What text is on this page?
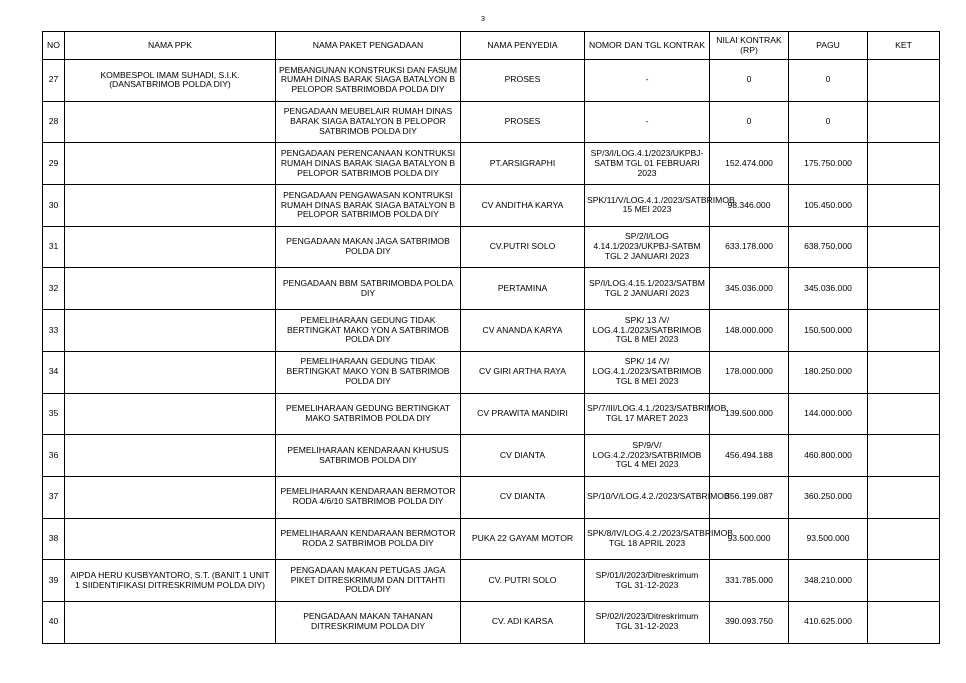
3
NO	NAMA PPK	NAMA PAKET PENGADAAN	NAMA PENYEDIA	NOMOR DAN TGL KONTRAK	NILAI KONTRAK (RP)	PAGU	KET
27	KOMBESPOL IMAM SUHADI, S.I.K. (DANSATBRIMOB POLDA DIY)	PEMBANGUNAN KONSTRUKSI DAN FASUM RUMAH DINAS BARAK SIAGA BATALYON B PELOPOR SATBRIMOBDA POLDA DIY	PROSES	-	0	0	
28		PENGADAAN MEUBELAIR RUMAH DINAS BARAK SIAGA BATALYON B PELOPOR SATBRIMOB POLDA DIY	PROSES	-	0	0	
29		PENGADAAN PERENCANAAN KONTRUKSI RUMAH DINAS BARAK SIAGA BATALYON B PELOPOR SATBRIMOB POLDA DIY	PT.ARSIGRAPHI	SP/3/I/LOG.4.1/2023/UKPBJ-SATBM TGL 01 FEBRUARI 2023	152.474.000	175.750.000	
30		PENGADAAN PENGAWASAN KONTRUKSI RUMAH DINAS BARAK SIAGA BATALYON B PELOPOR SATBRIMOB POLDA DIY	CV ANDITHA KARYA	SPK/11/V/LOG.4.1./2023/SATBRIMOB 15 MEI 2023	98.346.000	105.450.000	
31		PENGADAAN MAKAN JAGA SATBRIMOB POLDA DIY	CV.PUTRI SOLO	SP/2/I/LOG 4.14.1/2023/UKPBJ-SATBM TGL 2 JANUARI 2023	633.178.000	638.750.000	
32		PENGADAAN BBM SATBRIMOBDA POLDA DIY	PERTAMINA	SP/I/LOG.4.15.1/2023/SATBM TGL 2 JANUARI 2023	345.036.000	345.036.000	
33		PEMELIHARAAN GEDUNG TIDAK BERTINGKAT MAKO YON A SATBRIMOB POLDA DIY	CV ANANDA KARYA	SPK/ 13 /V/ LOG.4.1./2023/SATBRIMOB TGL 8 MEI 2023	148.000.000	150.500.000	
34		PEMELIHARAAN GEDUNG TIDAK BERTINGKAT MAKO YON B SATBRIMOB POLDA DIY	CV GIRI ARTHA RAYA	SPK/ 14 /V/ LOG.4.1./2023/SATBRIMOB TGL 8 MEI 2023	178.000.000	180.250.000	
35		PEMELIHARAAN GEDUNG BERTINGKAT MAKO SATBRIMOB POLDA DIY	CV PRAWITA MANDIRI	SP/7/III/LOG.4.1./2023/SATBRIMOB TGL 17 MARET 2023	139.500.000	144.000.000	
36		PEMELIHARAAN KENDARAAN KHUSUS SATBRIMOB POLDA DIY	CV DIANTA	SP/9/V/ LOG.4.2./2023/SATBRIMOB TGL 4 MEI 2023	456.494.188	460.800.000	
37		PEMELIHARAAN KENDARAAN BERMOTOR RODA 4/6/10 SATBRIMOB POLDA DIY	CV DIANTA	SP/10/V/LOG.4.2./2023/SATBRIMOB	356.199.087	360.250.000	
38		PEMELIHARAAN KENDARAAN BERMOTOR RODA 2 SATBRIMOB POLDA DIY	PUKA 22 GAYAM MOTOR	SPK/8/IV/LOG.4.2./2023/SATBRIMOB TGL 18 APRIL 2023	93.500.000	93.500.000	
39	AIPDA HERU KUSBYANTORO, S.T. (BANIT 1 UNIT 1 SIIDENTIFIKASI DITRESKRIMUM POLDA DIY)	PENGADAAN MAKAN PETUGAS JAGA PIKET DITRESKRIMUM DAN DITTAHTI POLDA DIY	CV. PUTRI SOLO	SP/01/I/2023/Ditreskrimum TGL 31-12-2023	331.785.000	348.210.000	
40		PENGADAAN MAKAN TAHANAN DITRESKRIMUM POLDA DIY	CV. ADI KARSA	SP/02/I/2023/Ditreskrimum TGL 31-12-2023	390.093.750	410.625.000	
